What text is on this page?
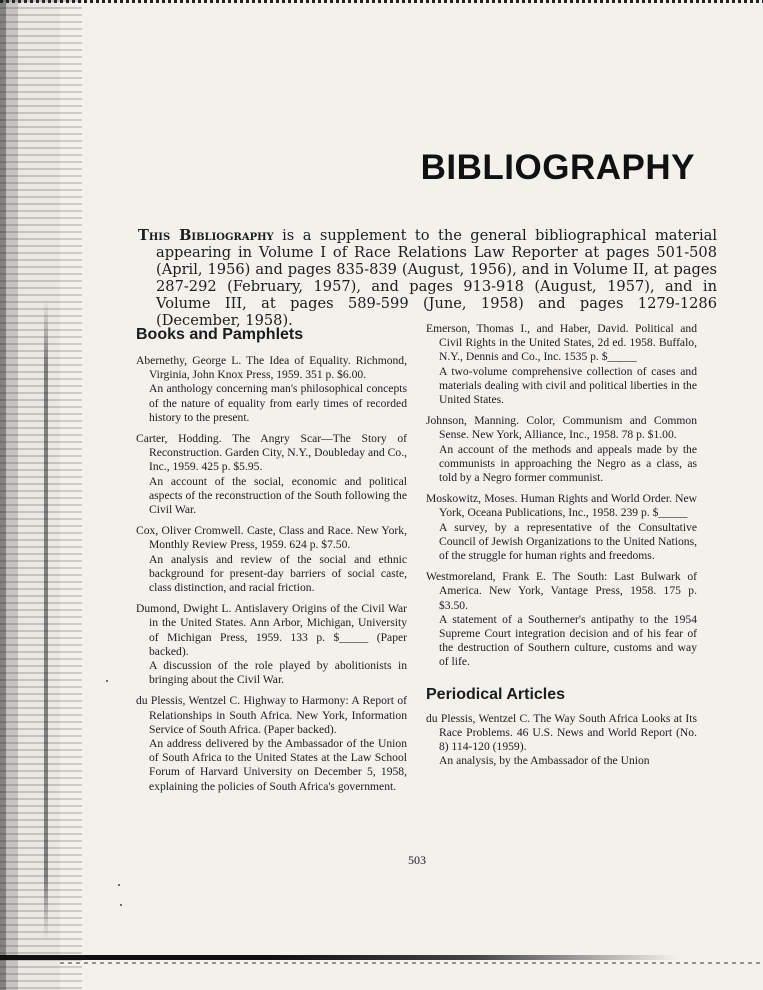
BIBLIOGRAPHY

This Bibliography is a supplement to the general bibliographical material appearing in Volume I of Race Relations Law Reporter at pages 501-508 (April, 1956) and pages 835-839 (August, 1956), and in Volume II, at pages 287-292 (February, 1957), and pages 913-918 (August, 1957), and in Volume III, at pages 589-599 (June, 1958) and pages 1279-1286 (December, 1958).

Books and Pamphlets

Abernethy, George L. The Idea of Equality. Richmond, Virginia, John Knox Press, 1959. 351 p. $6.00.

An anthology concerning man's philosophical concepts of the nature of equality from early times of recorded history to the present.

Carter, Hodding. The Angry Scar—The Story of Reconstruction. Garden City, N.Y., Doubleday and Co., Inc., 1959. 425 p. $5.95.

An account of the social, economic and political aspects of the reconstruction of the South following the Civil War.

Cox, Oliver Cromwell. Caste, Class and Race. New York, Monthly Review Press, 1959. 624 p. $7.50.

An analysis and review of the social and ethnic background for present-day barriers of social caste, class distinction, and racial friction.

Dumond, Dwight L. Antislavery Origins of the Civil War in the United States. Ann Arbor, Michigan, University of Michigan Press, 1959. 133 p. $_____ (Paper backed).

A discussion of the role played by abolitionists in bringing about the Civil War.

du Plessis, Wentzel C. Highway to Harmony: A Report of Relationships in South Africa. New York, Information Service of South Africa. (Paper backed).

An address delivered by the Ambassador of the Union of South Africa to the United States at the Law School Forum of Harvard University on December 5, 1958, explaining the policies of South Africa's government.

Emerson, Thomas I., and Haber, David. Political and Civil Rights in the United States, 2d ed. 1958. Buffalo, N.Y., Dennis and Co., Inc. 1535 p. $_____

A two-volume comprehensive collection of cases and materials dealing with civil and political liberties in the United States.

Johnson, Manning. Color, Communism and Common Sense. New York, Alliance, Inc., 1958. 78 p. $1.00.

An account of the methods and appeals made by the communists in approaching the Negro as a class, as told by a Negro former communist.

Moskowitz, Moses. Human Rights and World Order. New York, Oceana Publications, Inc., 1958. 239 p. $_____

A survey, by a representative of the Consultative Council of Jewish Organizations to the United Nations, of the struggle for human rights and freedoms.

Westmoreland, Frank E. The South: Last Bulwark of America. New York, Vantage Press, 1958. 175 p. $3.50.

A statement of a Southerner's antipathy to the 1954 Supreme Court integration decision and of his fear of the destruction of Southern culture, customs and way of life.

Periodical Articles

du Plessis, Wentzel C. The Way South Africa Looks at Its Race Problems. 46 U.S. News and World Report (No. 8) 114-120 (1959).

An analysis, by the Ambassador of the Union

503
